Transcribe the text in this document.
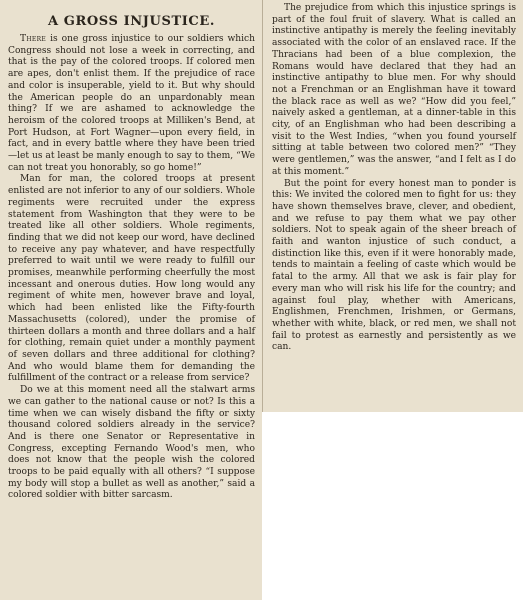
A GROSS INJUSTICE.

There is one gross injustice to our soldiers which Congress should not lose a week in correcting, and that is the pay of the colored troops. If colored men are apes, don't enlist them. If the prejudice of race and color is insuperable, yield to it. But why should the American people do an unpardonably mean thing? If we are ashamed to acknowledge the heroism of the colored troops at Milliken's Bend, at Port Hudson, at Fort Wagner—upon every field, in fact, and in every battle where they have been tried—let us at least be manly enough to say to them, “We can not treat you honorably, so go home!”

Man for man, the colored troops at present enlisted are not inferior to any of our soldiers. Whole regiments were recruited under the express statement from Washington that they were to be treated like all other soldiers. Whole regiments, finding that we did not keep our word, have declined to receive any pay whatever, and have respectfully preferred to wait until we were ready to fulfill our promises, meanwhile performing cheerfully the most incessant and onerous duties. How long would any regiment of white men, however brave and loyal, which had been enlisted like the Fifty-fourth Massachusetts (colored), under the promise of thirteen dollars a month and three dollars and a half for clothing, remain quiet under a monthly payment of seven dollars and three additional for clothing? And who would blame them for demanding the fulfillment of the contract or a release from service?

Do we at this moment need all the stalwart arms we can gather to the national cause or not? Is this a time when we can wisely disband the fifty or sixty thousand colored soldiers already in the service? And is there one Senator or Representative in Congress, excepting Fernando Wood's men, who does not know that the people wish the colored troops to be paid equally with all others? “I suppose my body will stop a bullet as well as another,” said a colored soldier with bitter sarcasm.

The prejudice from which this injustice springs is part of the foul fruit of slavery. What is called an instinctive antipathy is merely the feeling inevitably associated with the color of an enslaved race. If the Thracians had been of a blue complexion, the Romans would have declared that they had an instinctive antipathy to blue men. For why should not a Frenchman or an Englishman have it toward the black race as well as we? “How did you feel,” naively asked a gentleman, at a dinner-table in this city, of an Englishman who had been describing a visit to the West Indies, “when you found yourself sitting at table between two colored men?” “They were gentlemen,” was the answer, “and I felt as I do at this moment.”

But the point for every honest man to ponder is this: We invited the colored men to fight for us: they have shown themselves brave, clever, and obedient, and we refuse to pay them what we pay other soldiers. Not to speak again of the sheer breach of faith and wanton injustice of such conduct, a distinction like this, even if it were honorably made, tends to maintain a feeling of caste which would be fatal to the army. All that we ask is fair play for every man who will risk his life for the country; and against foul play, whether with Americans, Englishmen, Frenchmen, Irishmen, or Germans, whether with white, black, or red men, we shall not fail to protest as earnestly and persistently as we can.
